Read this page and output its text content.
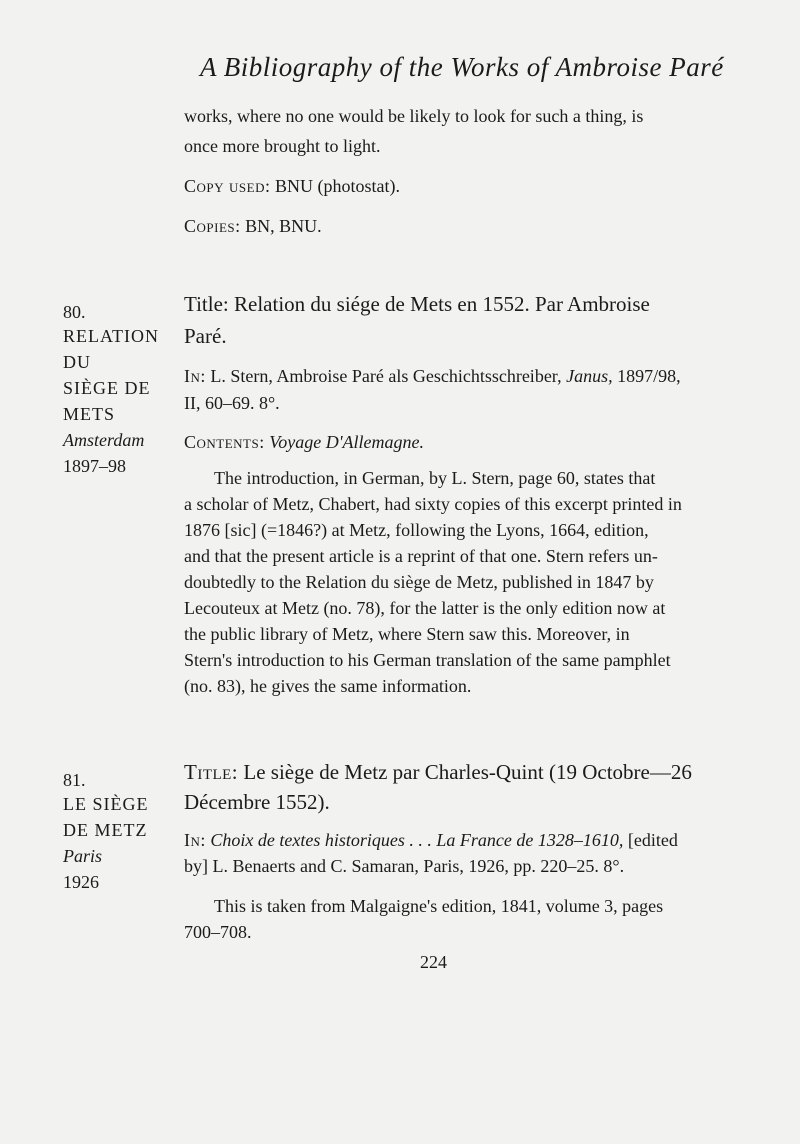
A Bibliography of the Works of Ambroise Paré
works, where no one would be likely to look for such a thing, is
once more brought to light.
Copy used: BNU (photostat).
Copies: BN, BNU.
80.
RELATION
DU
SIÈGE DE
METS
Amsterdam
1897–98
Title: Relation du siége de Mets en 1552. Par Ambroise
Paré.
In: L. Stern, Ambroise Paré als Geschichtsschreiber, Janus, 1897/98,
II, 60–69. 8°.
Contents: Voyage D'Allemagne.
The introduction, in German, by L. Stern, page 60, states that
a scholar of Metz, Chabert, had sixty copies of this excerpt printed in
1876 [sic] (=1846?) at Metz, following the Lyons, 1664, edition,
and that the present article is a reprint of that one. Stern refers un-
doubtedly to the Relation du siège de Metz, published in 1847 by
Lecouteux at Metz (no. 78), for the latter is the only edition now at
the public library of Metz, where Stern saw this. Moreover, in
Stern's introduction to his German translation of the same pamphlet
(no. 83), he gives the same information.
81.
LE SIÈGE
DE METZ
Paris
1926
Title: Le siège de Metz par Charles-Quint (19 Octobre—26
Décembre 1552).
In: Choix de textes historiques . . . La France de 1328–1610, [edited
by] L. Benaerts and C. Samaran, Paris, 1926, pp. 220–25. 8°.
This is taken from Malgaigne's edition, 1841, volume 3, pages
700–708.
224
